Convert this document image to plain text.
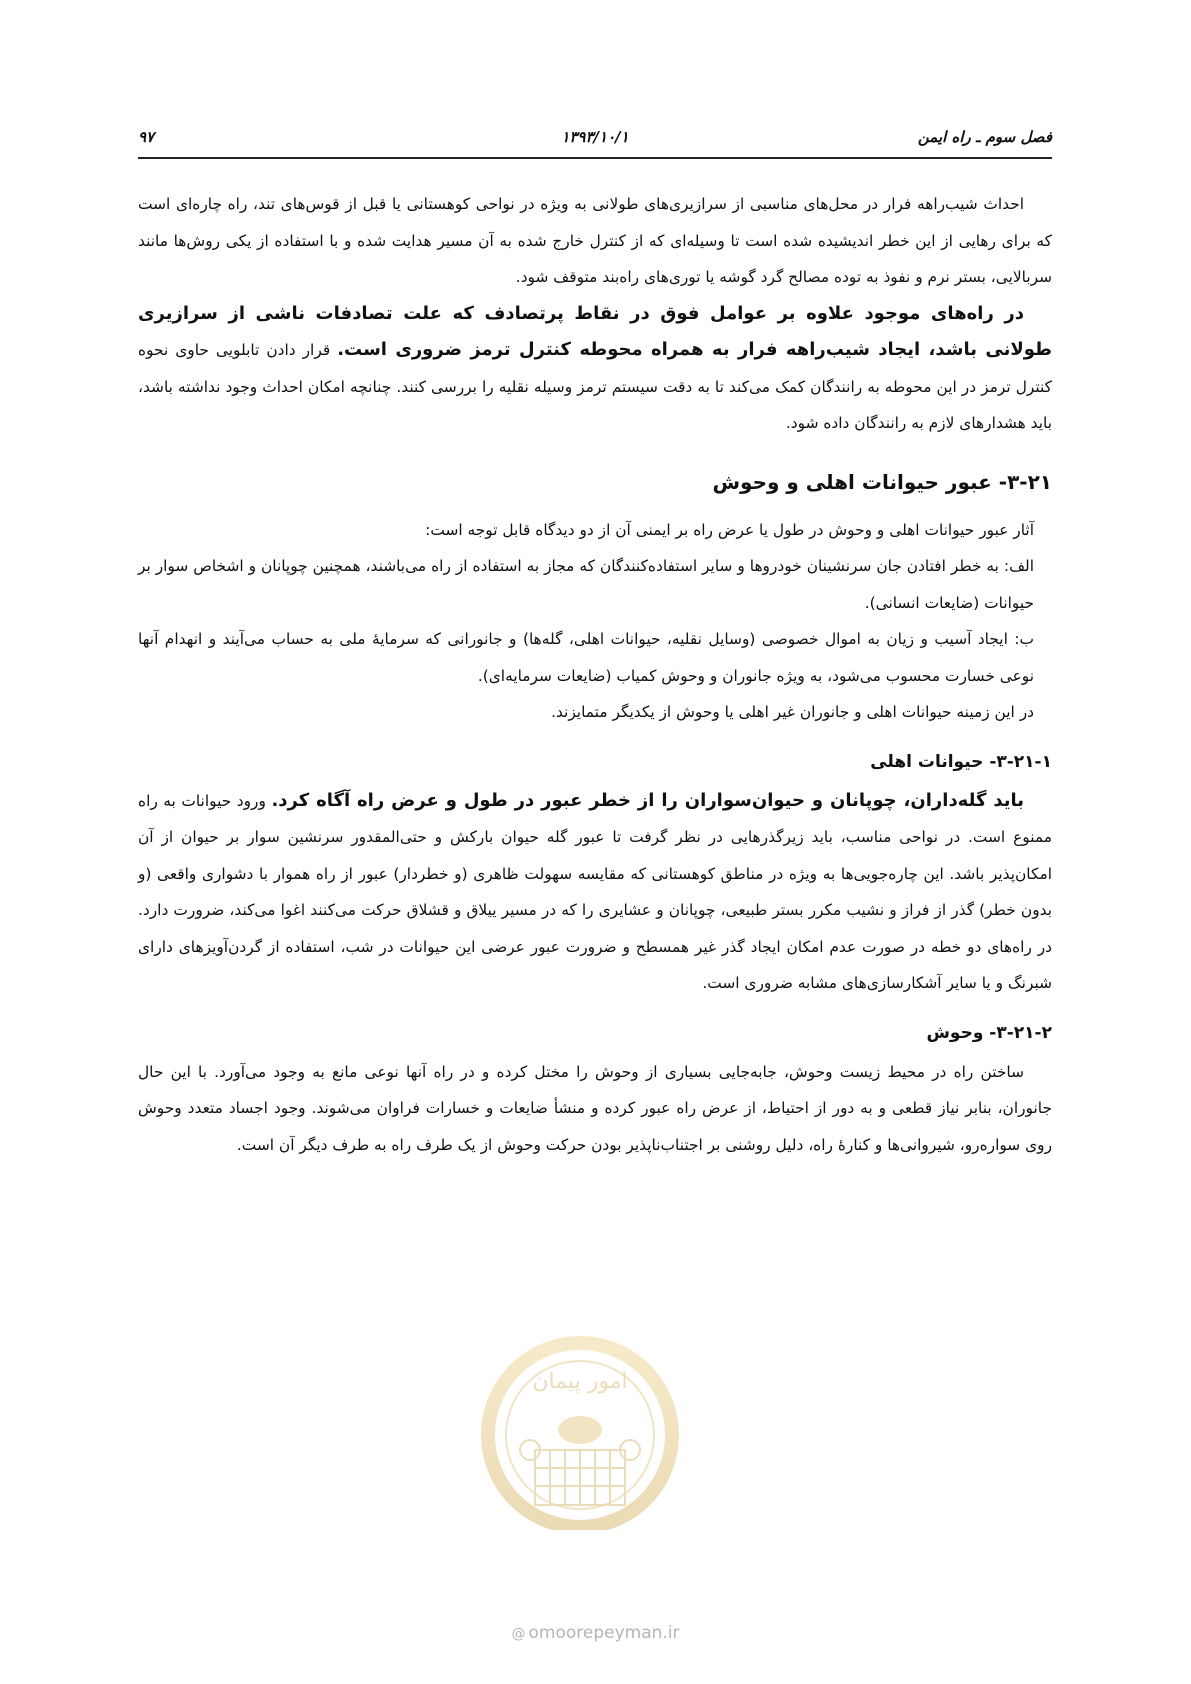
فصل سوم ـ راه ایمن
۱۳۹۳/۱۰/۱
۹۷

احداث شیب‌راهه فرار در محل‌های مناسبی از سرازیری‌های طولانی به ویژه در نواحی کوهستانی یا قبل از قوس‌های تند، راه چاره‌ای است که برای رهایی از این خطر اندیشیده شده است تا وسیله‌ای که از کنترل خارج شده به آن مسیر هدایت شده و با استفاده از یکی روش‌ها مانند سربالایی، بستر نرم و نفوذ به توده مصالح گرد گوشه یا توری‌های راه‌بند متوقف شود.

در راه‌های موجود علاوه بر عوامل فوق در نقاط پرتصادف که علت تصادفات ناشی از سرازیری طولانی باشد، ایجاد شیب‌راهه فرار به همراه محوطه کنترل ترمز ضروری است. قرار دادن تابلویی حاوی نحوه کنترل ترمز در این محوطه به رانندگان کمک می‌کند تا به دقت سیستم ترمز وسیله نقلیه را بررسی کنند. چنانچه امکان احداث وجود نداشته باشد، باید هشدارهای لازم به رانندگان داده شود.

۳-۲۱- عبور حیوانات اهلی و وحوش

آثار عبور حیوانات اهلی و وحوش در طول یا عرض راه بر ایمنی آن از دو دیدگاه قابل توجه است:

الف: به خطر افتادن جان سرنشینان خودروها و سایر استفاده‌کنندگان که مجاز به استفاده از راه می‌باشند، همچنین چوپانان و اشخاص سوار بر حیوانات (ضایعات انسانی).

ب: ایجاد آسیب و زیان به اموال خصوصی (وسایل نقلیه، حیوانات اهلی، گله‌ها) و جانورانی که سرمایهٔ ملی به حساب می‌آیند و انهدام آنها نوعی خسارت محسوب می‌شود، به ویژه جانوران و وحوش کمیاب (ضایعات سرمایه‌ای).

در این زمینه حیوانات اهلی و جانوران غیر اهلی یا وحوش از یکدیگر متمایزند.

۳-۲۱-۱- حیوانات اهلی

باید گله‌داران، چوپانان و حیوان‌سواران را از خطر عبور در طول و عرض راه آگاه کرد. ورود حیوانات به راه ممنوع است. در نواحی مناسب، باید زیرگذرهایی در نظر گرفت تا عبور گله حیوان بارکش و حتی‌المقدور سرنشین سوار بر حیوان از آن امکان‌پذیر باشد. این چاره‌جویی‌ها به ویژه در مناطق کوهستانی که مقایسه سهولت ظاهری (و خطردار) عبور از راه هموار با دشواری واقعی (و بدون خطر) گذر از فراز و نشیب مکرر بستر طبیعی، چوپانان و عشایری را که در مسیر ییلاق و قشلاق حرکت می‌کنند اغوا می‌کند، ضرورت دارد. در راه‌های دو خطه در صورت عدم امکان ایجاد گذر غیر همسطح و ضرورت عبور عرضی این حیوانات در شب، استفاده از گردن‌آویزهای دارای شبرنگ و یا سایر آشکارسازی‌های مشابه ضروری است.

۳-۲۱-۲- وحوش

ساختن راه در محیط زیست وحوش، جابه‌جایی بسیاری از وحوش را مختل کرده و در راه آنها نوعی مانع به وجود می‌آورد. با این حال جانوران، بنابر نیاز قطعی و به دور از احتیاط، از عرض راه عبور کرده و منشأ ضایعات و خسارات فراوان می‌شوند. وجود اجساد متعدد وحوش روی سواره‌رو، شیروانی‌ها و کنارهٔ راه، دلیل روشنی بر اجتناب‌ناپذیر بودن حرکت وحوش از یک طرف راه به طرف دیگر آن است.

امور پیمان
@ omoorepeyman.ir
